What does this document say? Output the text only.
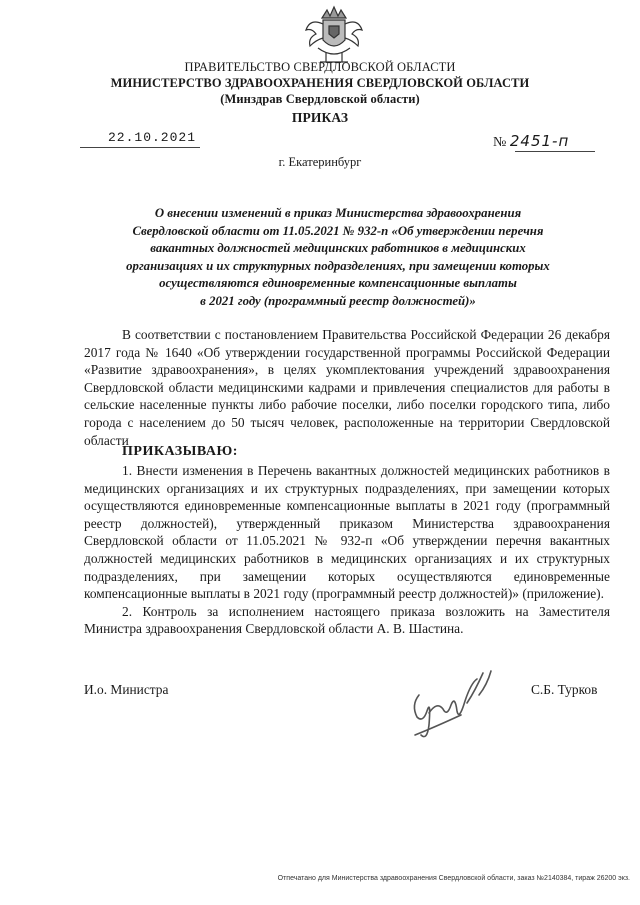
ПРАВИТЕЛЬСТВО СВЕРДЛОВСКОЙ ОБЛАСТИ
МИНИСТЕРСТВО ЗДРАВООХРАНЕНИЯ СВЕРДЛОВСКОЙ ОБЛАСТИ
(Минздрав Свердловской области)
ПРИКАЗ
22.10.2021	№ 2451-п
г. Екатеринбург
О внесении изменений в приказ Министерства здравоохранения
Свердловской области от 11.05.2021 № 932-п «Об утверждении перечня
вакантных должностей медицинских работников в медицинских
организациях и их структурных подразделениях, при замещении которых
осуществляются единовременные компенсационные выплаты
в 2021 году (программный реестр должностей)»

В соответствии с постановлением Правительства Российской Федерации 26 декабря 2017 года № 1640 «Об утверждении государственной программы Российской Федерации «Развитие здравоохранения», в целях укомплектования учреждений здравоохранения Свердловской области медицинскими кадрами и привлечения специалистов для работы в сельские населенные пункты либо рабочие поселки, либо поселки городского типа, либо города с населением до 50 тысяч человек, расположенные на территории Свердловской области

ПРИКАЗЫВАЮ:

1. Внести изменения в Перечень вакантных должностей медицинских работников в медицинских организациях и их структурных подразделениях, при замещении которых осуществляются единовременные компенсационные выплаты в 2021 году (программный реестр должностей), утвержденный приказом Министерства здравоохранения Свердловской области от 11.05.2021 № 932-п «Об утверждении перечня вакантных должностей медицинских работников в медицинских организациях и их структурных подразделениях, при замещении которых осуществляются единовременные компенсационные выплаты в 2021 году (программный реестр должностей)» (приложение).

2. Контроль за исполнением настоящего приказа возложить на Заместителя Министра здравоохранения Свердловской области А. В. Шастина.

И.о. Министра	С.Б. Турков
Отпечатано для Министерства здравоохранения Свердловской области, заказ №2140384, тираж 26200 экз.
